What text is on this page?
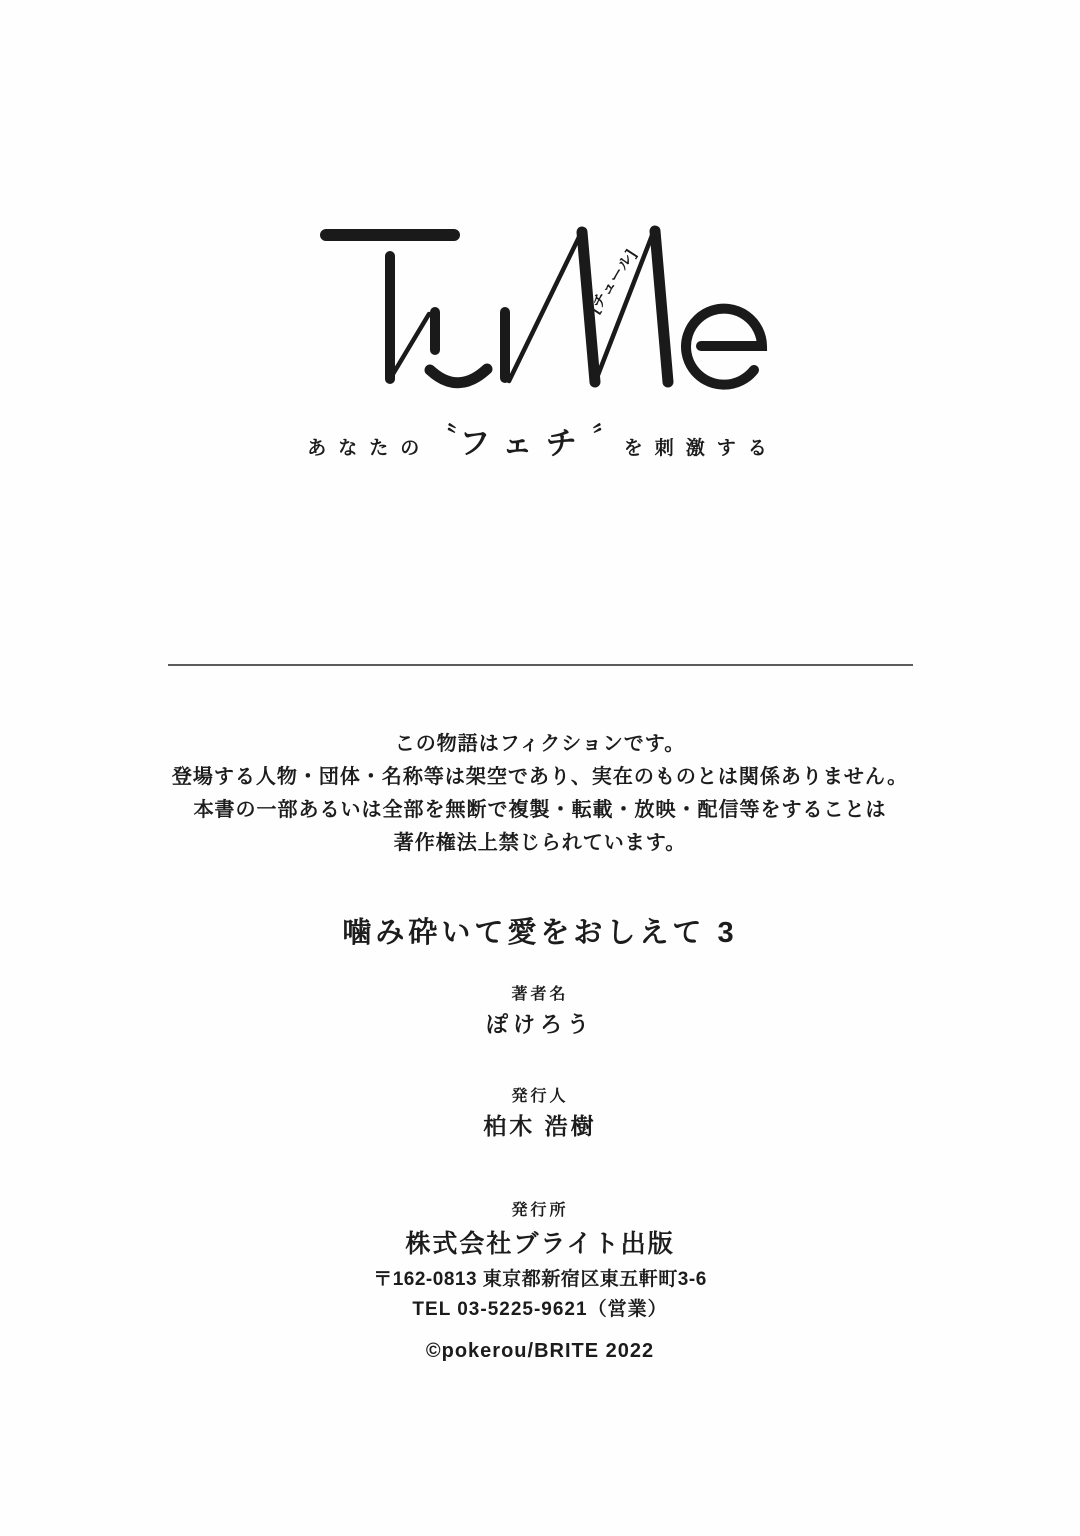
[チュール]
あなたの
〝 フェチ 〞
を刺激する
この物語はフィクションです。
登場する人物・団体・名称等は架空であり、実在のものとは関係ありません。
本書の一部あるいは全部を無断で複製・転載・放映・配信等をすることは
著作権法上禁じられています。
噛み砕いて愛をおしえて 3
著者名
ぽけろう
発行人
柏木 浩樹
発行所
株式会社ブライト出版
〒162-0813 東京都新宿区東五軒町3-6
TEL 03-5225-9621（営業）
©pokerou/BRITE 2022
